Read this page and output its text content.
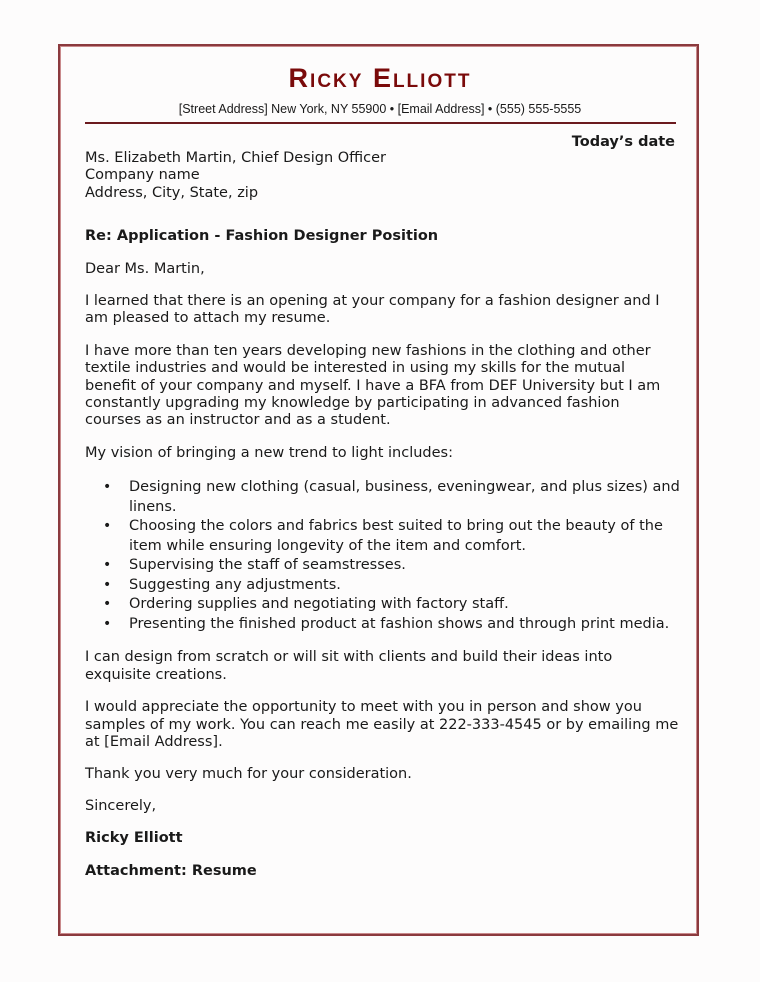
Ricky Elliott
[Street Address] New York, NY 55900 • [Email Address] • (555) 555-5555
Today’s date

Ms. Elizabeth Martin, Chief Design Officer

Company name

Address, City, State, zip

Re: Application - Fashion Designer Position

Dear Ms. Martin,

I learned that there is an opening at your company for a fashion designer and I am pleased to attach my resume.

I have more than ten years developing new fashions in the clothing and other textile industries and would be interested in using my skills for the mutual benefit of your company and myself. I have a BFA from DEF University but I am constantly upgrading my knowledge by participating in advanced fashion courses as an instructor and as a student.

My vision of bringing a new trend to light includes:

• Designing new clothing (casual, business, eveningwear, and plus sizes) and linens.
• Choosing the colors and fabrics best suited to bring out the beauty of the item while ensuring longevity of the item and comfort.
• Supervising the staff of seamstresses.
• Suggesting any adjustments.
• Ordering supplies and negotiating with factory staff.
• Presenting the finished product at fashion shows and through print media.

I can design from scratch or will sit with clients and build their ideas into exquisite creations.

I would appreciate the opportunity to meet with you in person and show you samples of my work. You can reach me easily at 222-333-4545 or by emailing me at [Email Address].

Thank you very much for your consideration.

Sincerely,

Ricky Elliott

Attachment: Resume
